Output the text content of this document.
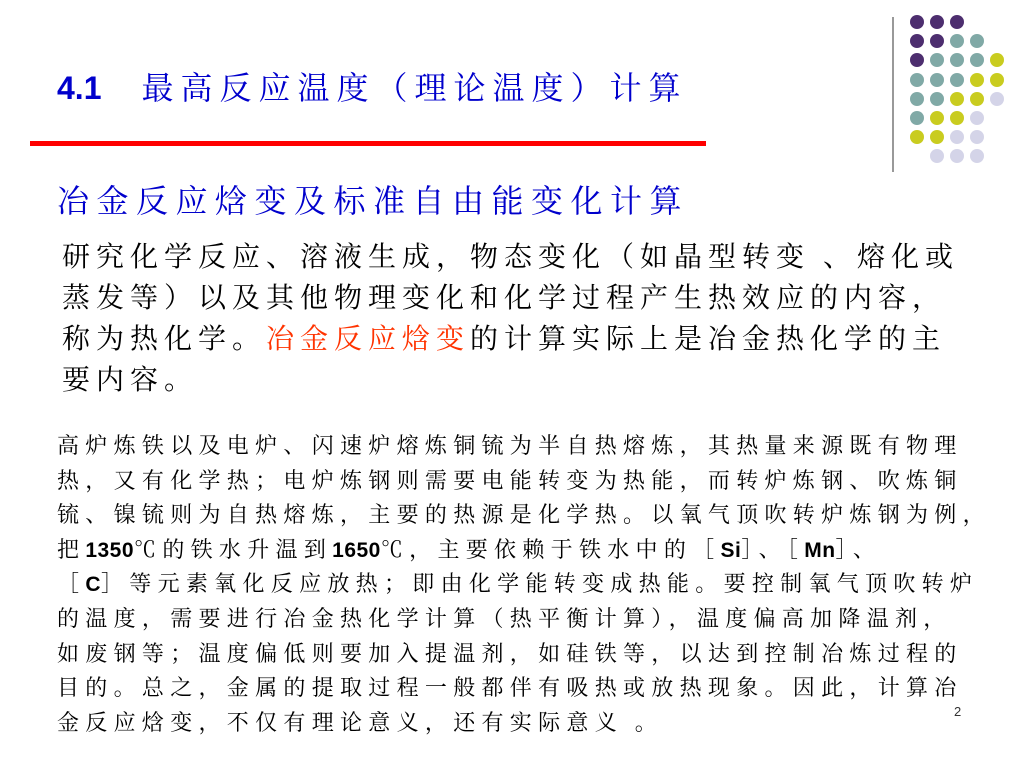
4.1 最高反应温度（理论温度）计算
冶金反应焓变及标准自由能变化计算
研究化学反应、溶液生成，物态变化（如晶型转变 、熔化或
蒸发等）以及其他物理变化和化学过程产生热效应的内容，
称为热化学。冶金反应焓变的计算实际上是冶金热化学的主
要内容。
高炉炼铁以及电炉、闪速炉熔炼铜锍为半自热熔炼，其热量来源既有物理
热，又有化学热；电炉炼钢则需要电能转变为热能，而转炉炼钢、吹炼铜
锍、镍锍则为自热熔炼，主要的热源是化学热。以氧气顶吹转炉炼钢为例，
把1350℃的铁水升温到1650℃，主要依赖于铁水中的［Si］、［Mn］、
［C］等元素氧化反应放热；即由化学能转变成热能。要控制氧气顶吹转炉
的温度，需要进行冶金热化学计算（热平衡计算），温度偏高加降温剂，
如废钢等；温度偏低则要加入提温剂，如硅铁等，以达到控制冶炼过程的
目的。总之，金属的提取过程一般都伴有吸热或放热现象。因此，计算冶
金反应焓变，不仅有理论意义，还有实际意义 。	2
